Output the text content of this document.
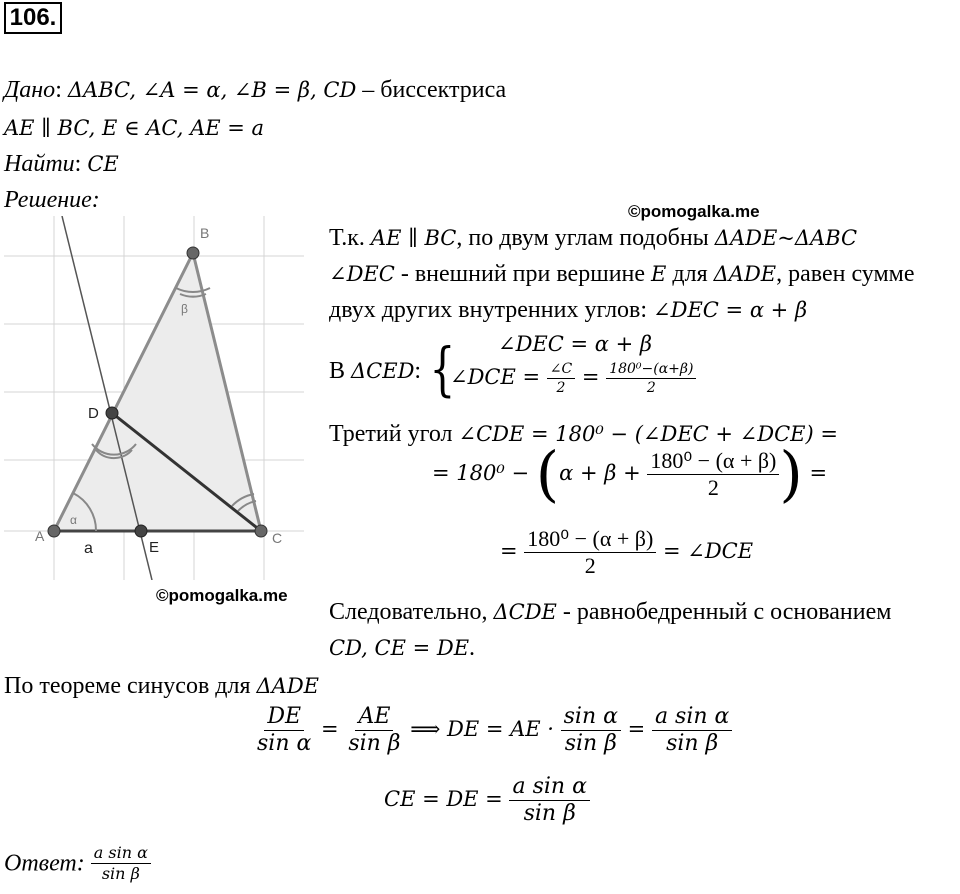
106.
Дано: ΔABC, ∠A = α, ∠B = β, CD – биссектриса
AE ∥ BC, E ∈ AC, AE = a
Найти: CE
Решение:
A
B
C
α
β
D
E
a
©pomogalka.me
©pomogalka.me
Т.к. AE ∥ BC, по двум углам подобны ΔADE~ΔABC
∠DEC - внешний при вершине E для ΔADE, равен сумме
двух других внутренних углов: ∠DEC = α + β
В ΔCED: { ∠DEC = α + β
∠DCE = $\frac{\angle C}{2} = \frac{\text{180⁰−(α+β)}}{2}$
Третий угол ∠CDE = 180⁰ − (∠DEC + ∠DCE) =
= $180^0 - (\alpha + \beta + \frac{\text{180⁰ − (α + β)}}{2}$ ) =
= $\frac{\text{180⁰ − (α + β)}}{2}$ = ∠DCE
Следовательно, ΔCDE - равнобедренный с основанием
CD, CE = DE.
По теореме синусов для ΔADE
$\frac{DE}{\text{sin α}} = \frac{AE}{\text{sin β}}$ ⟹ DE = AE · $\frac{\text{sin α}}{\text{sin β}} = \frac{\text{a sin α}}{\text{sin β}}$
CE = DE = $\frac{\text{a sin α}}{\text{sin β}}$
Ответ: $\frac{\text{a sin α}}{\text{sin β}}$
